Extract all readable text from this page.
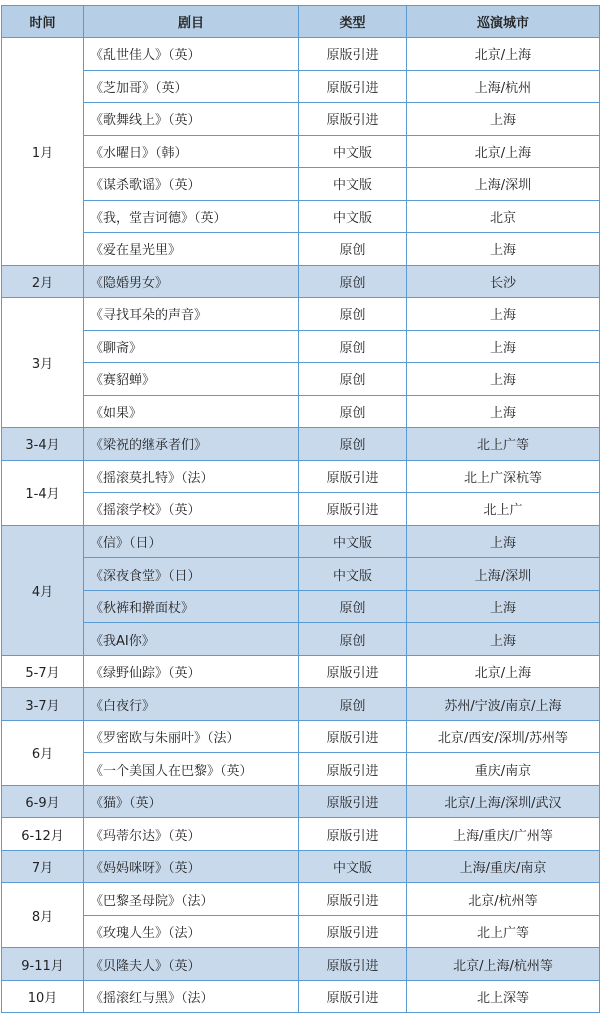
时间	剧目	类型	巡演城市
1月	《乱世佳人》（英）	原版引进	北京/上海
	《芝加哥》（英）	原版引进	上海/杭州
	《歌舞线上》（英）	原版引进	上海
	《水曜日》（韩）	中文版	北京/上海
	《谋杀歌谣》（英）	中文版	上海/深圳
	《我，堂吉诃德》（英）	中文版	北京
	《爱在星光里》	原创	上海
2月	《隐婚男女》	原创	长沙
3月	《寻找耳朵的声音》	原创	上海
	《聊斋》	原创	上海
	《赛貂蝉》	原创	上海
	《如果》	原创	上海
3-4月	《梁祝的继承者们》	原创	北上广等
1-4月	《摇滚莫扎特》（法）	原版引进	北上广深杭等
	《摇滚学校》（英）	原版引进	北上广
4月	《信》（日）	中文版	上海
	《深夜食堂》（日）	中文版	上海/深圳
	《秋裤和擀面杖》	原创	上海
	《我AI你》	原创	上海
5-7月	《绿野仙踪》（英）	原版引进	北京/上海
3-7月	《白夜行》	原创	苏州/宁波/南京/上海
6月	《罗密欧与朱丽叶》（法）	原版引进	北京/西安/深圳/苏州等
	《一个美国人在巴黎》（英）	原版引进	重庆/南京
6-9月	《猫》（英）	原版引进	北京/上海/深圳/武汉
6-12月	《玛蒂尔达》（英）	原版引进	上海/重庆/广州等
7月	《妈妈咪呀》（英）	中文版	上海/重庆/南京
8月	《巴黎圣母院》（法）	原版引进	北京/杭州等
	《玫瑰人生》（法）	原版引进	北上广等
9-11月	《贝隆夫人》（英）	原版引进	北京/上海/杭州等
10月	《摇滚红与黑》（法）	原版引进	北上深等
